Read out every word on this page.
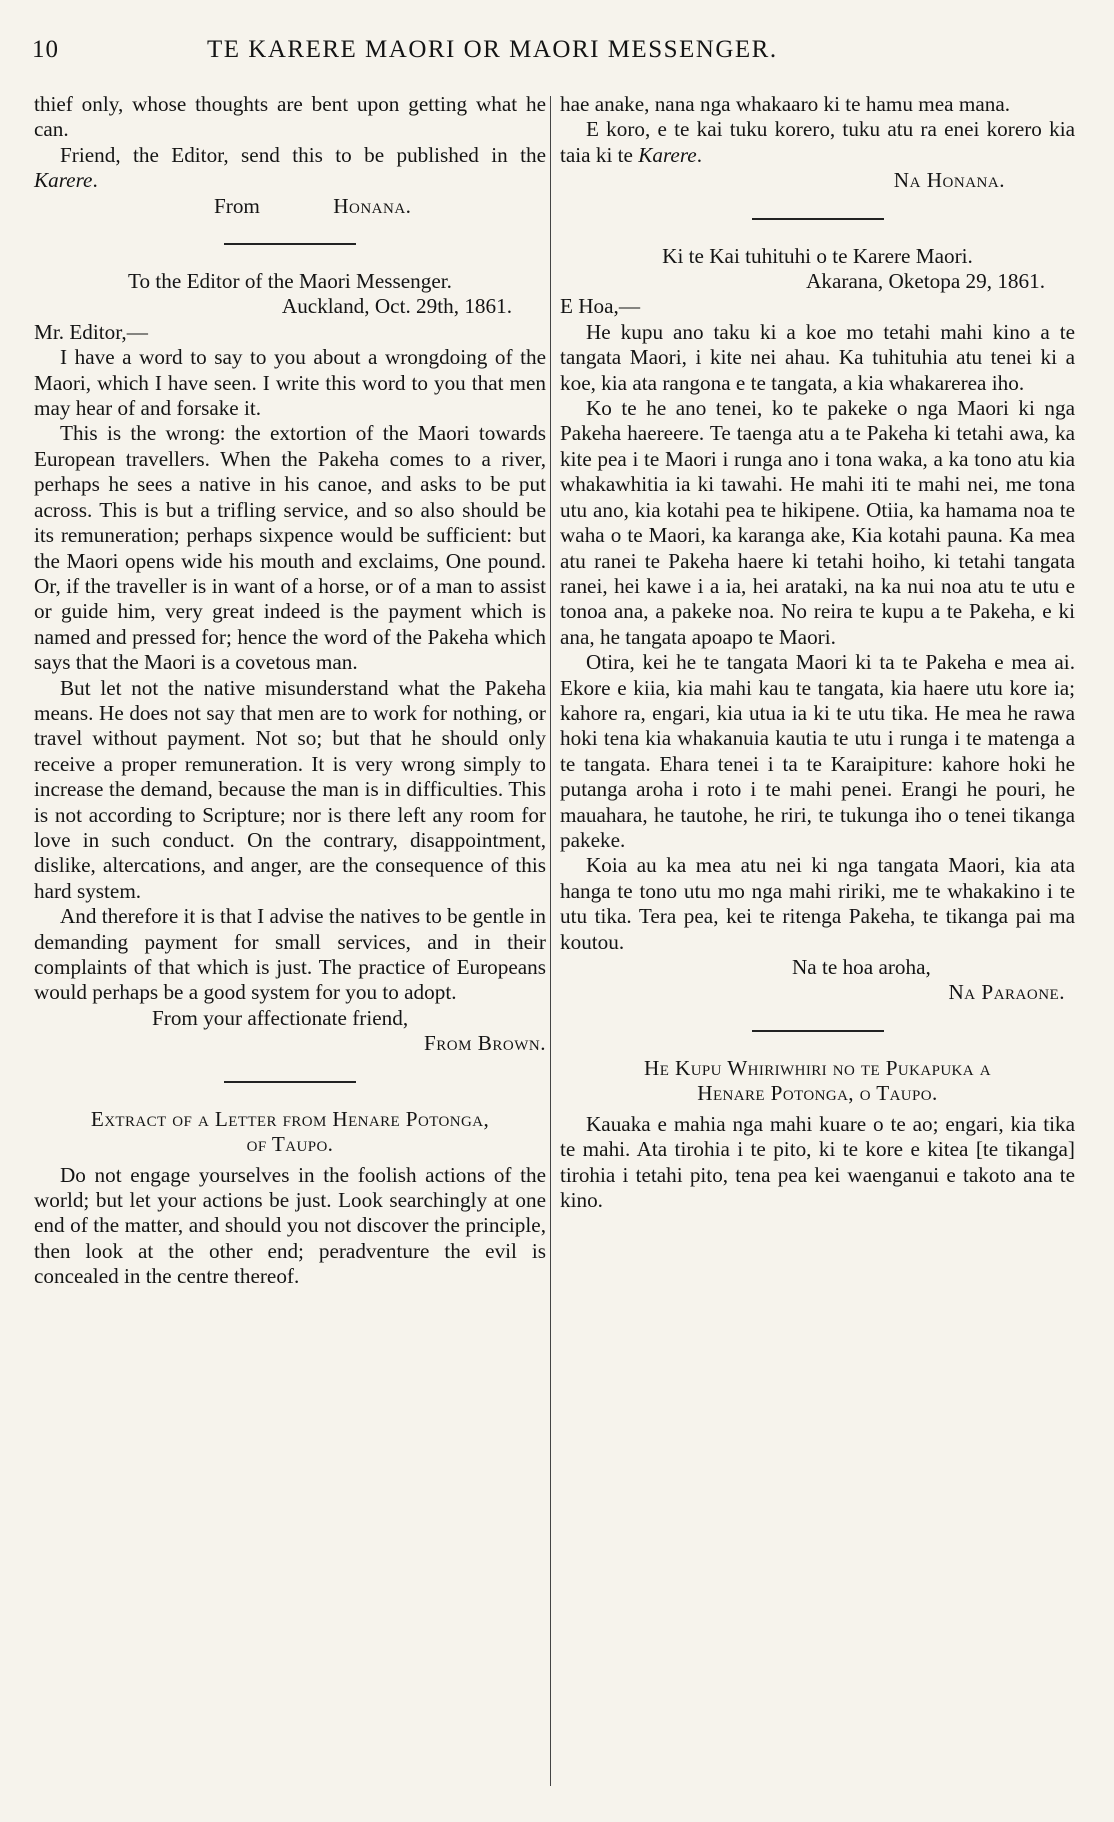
10	TE KARERE MAORI OR MAORI MESSENGER.

thief only, whose thoughts are bent upon getting what he can.

Friend, the Editor, send this to be published in the Karere.

From	Honana.

To the Editor of the Maori Messenger.

Auckland, Oct. 29th, 1861.

Mr. Editor,—

I have a word to say to you about a wrongdoing of the Maori, which I have seen. I write this word to you that men may hear of and forsake it.

This is the wrong: the extortion of the Maori towards European travellers. When the Pakeha comes to a river, perhaps he sees a native in his canoe, and asks to be put across. This is but a trifling service, and so also should be its remuneration; perhaps sixpence would be sufficient: but the Maori opens wide his mouth and exclaims, One pound. Or, if the traveller is in want of a horse, or of a man to assist or guide him, very great indeed is the payment which is named and pressed for; hence the word of the Pakeha which says that the Maori is a covetous man.

But let not the native misunderstand what the Pakeha means. He does not say that men are to work for nothing, or travel without payment. Not so; but that he should only receive a proper remuneration. It is very wrong simply to increase the demand, because the man is in difficulties. This is not according to Scripture; nor is there left any room for love in such conduct. On the contrary, disappointment, dislike, altercations, and anger, are the consequence of this hard system.

And therefore it is that I advise the natives to be gentle in demanding payment for small services, and in their complaints of that which is just. The practice of Europeans would perhaps be a good system for you to adopt.

From your affectionate friend,

From Brown.

Extract of a Letter from Henare Potonga,
of Taupo.

Do not engage yourselves in the foolish actions of the world; but let your actions be just. Look searchingly at one end of the matter, and should you not discover the principle, then look at the other end; peradventure the evil is concealed in the centre thereof.

hae anake, nana nga whakaaro ki te hamu mea mana.

E koro, e te kai tuku korero, tuku atu ra enei korero kia taia ki te Karere.

Na Honana.

Ki te Kai tuhituhi o te Karere Maori.

Akarana, Oketopa 29, 1861.

E Hoa,—

He kupu ano taku ki a koe mo tetahi mahi kino a te tangata Maori, i kite nei ahau. Ka tuhituhia atu tenei ki a koe, kia ata rangona e te tangata, a kia whakarerea iho.

Ko te he ano tenei, ko te pakeke o nga Maori ki nga Pakeha haereere. Te taenga atu a te Pakeha ki tetahi awa, ka kite pea i te Maori i runga ano i tona waka, a ka tono atu kia whakawhitia ia ki tawahi. He mahi iti te mahi nei, me tona utu ano, kia kotahi pea te hikipene. Otiia, ka hamama noa te waha o te Maori, ka karanga ake, Kia kotahi pauna. Ka mea atu ranei te Pakeha haere ki tetahi hoiho, ki tetahi tangata ranei, hei kawe i a ia, hei arataki, na ka nui noa atu te utu e tonoa ana, a pakeke noa. No reira te kupu a te Pakeha, e ki ana, he tangata apoapo te Maori.

Otira, kei he te tangata Maori ki ta te Pakeha e mea ai. Ekore e kiia, kia mahi kau te tangata, kia haere utu kore ia; kahore ra, engari, kia utua ia ki te utu tika. He mea he rawa hoki tena kia whakanuia kautia te utu i runga i te matenga a te tangata. Ehara tenei i ta te Karaipiture: kahore hoki he putanga aroha i roto i te mahi penei. Erangi he pouri, he mauahara, he tautohe, he riri, te tukunga iho o tenei tikanga pakeke.

Koia au ka mea atu nei ki nga tangata Maori, kia ata hanga te tono utu mo nga mahi ririki, me te whakakino i te utu tika. Tera pea, kei te ritenga Pakeha, te tikanga pai ma koutou.

Na te hoa aroha,

Na Paraone.

He Kupu Whiriwhiri no te Pukapuka a
Henare Potonga, o Taupo.

Kauaka e mahia nga mahi kuare o te ao; engari, kia tika te mahi. Ata tirohia i te pito, ki te kore e kitea [te tikanga] tirohia i tetahi pito, tena pea kei waenganui e takoto ana te kino.
